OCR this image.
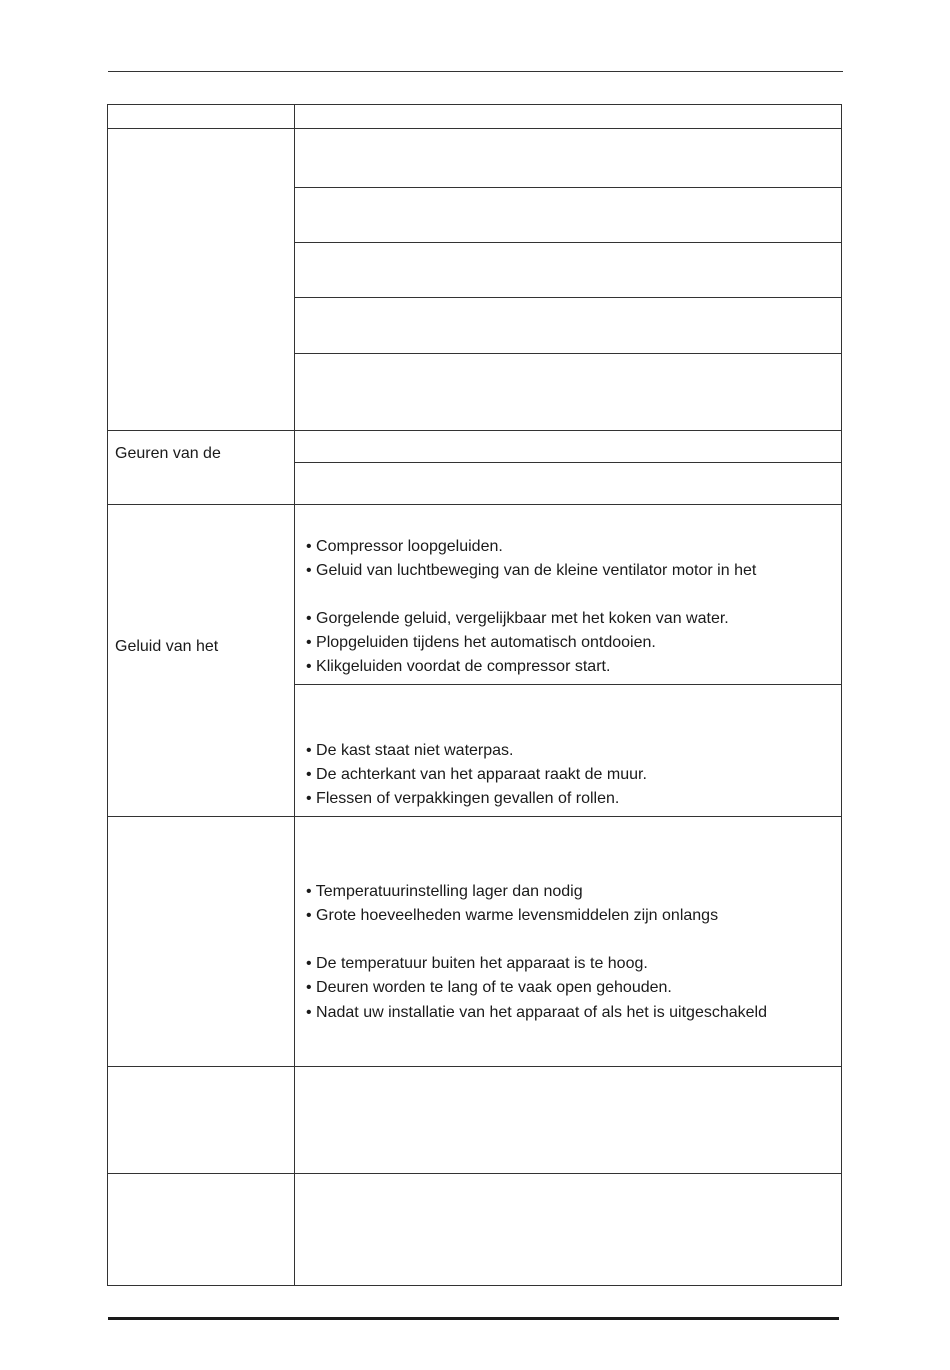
Geuren van de
Geluid van het
• Compressor loopgeluiden.
• Geluid van luchtbeweging van de kleine ventilator motor in het
• Gorgelende geluid, vergelijkbaar met het koken van water.
• Plopgeluiden tijdens het automatisch ontdooien.
• Klikgeluiden voordat de compressor start.
• De kast staat niet waterpas.
• De achterkant van het apparaat raakt de muur.
• Flessen of verpakkingen gevallen of rollen.
• Temperatuurinstelling lager dan nodig
• Grote hoeveelheden warme levensmiddelen zijn onlangs
• De temperatuur buiten het apparaat is te hoog.
• Deuren worden te lang of te vaak open gehouden.
• Nadat uw installatie van het apparaat of als het is uitgeschakeld
